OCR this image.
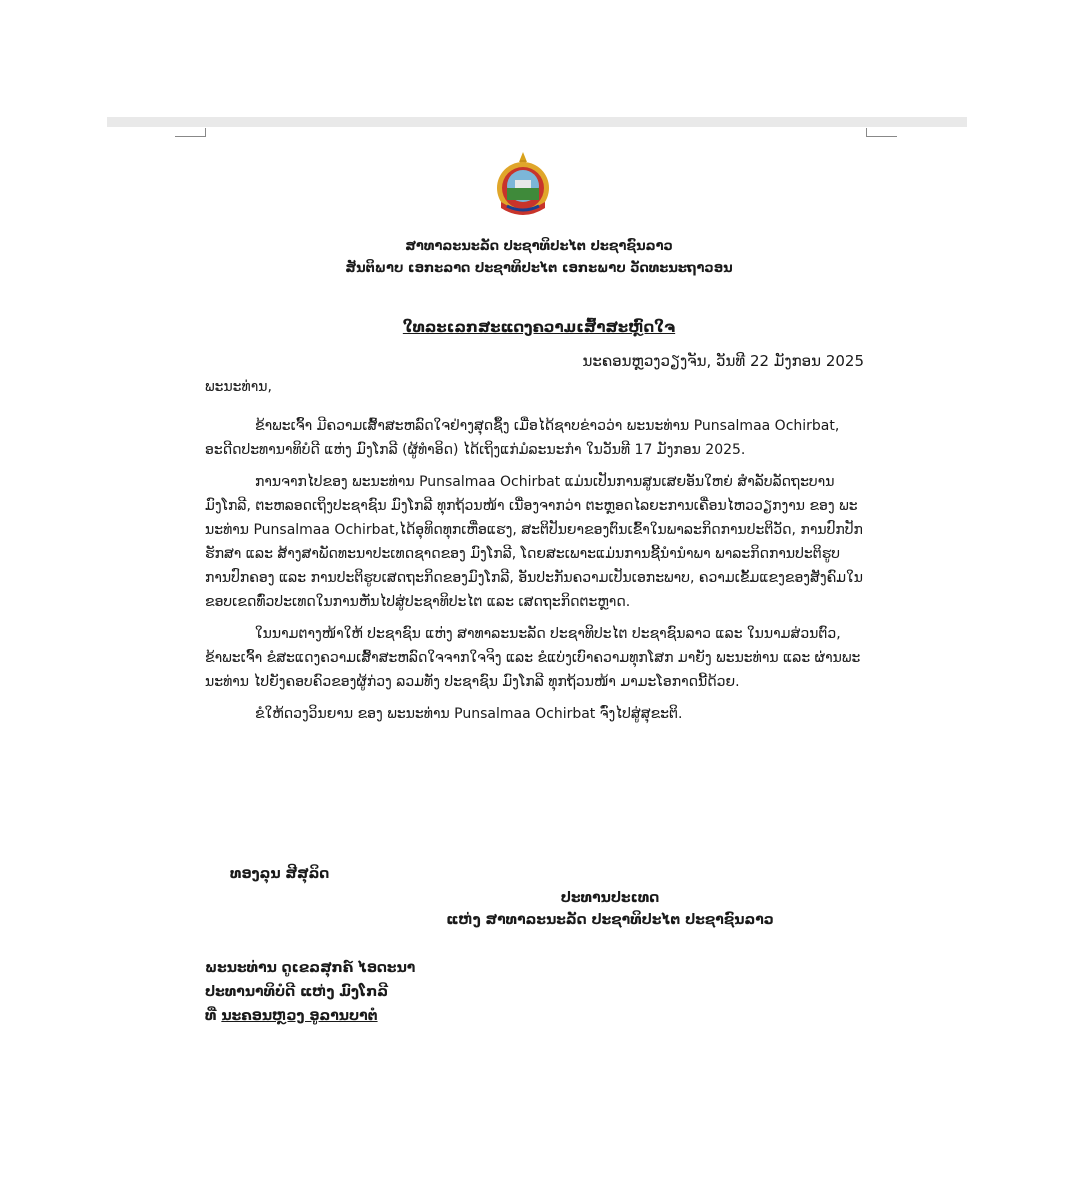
ສາທາລະນະລັດ ປະຊາທິປະໄຕ ປະຊາຊົນລາວ
ສັນຕິພາບ ເອກະລາດ ປະຊາທິປະໄຕ ເອກະພາບ ວັດທະນະຖາວອນ
ໃທລະເລກສະແດງຄວາມເສົ້າສະຫຼົດໃຈ
ນະຄອນຫຼວງວຽງຈັນ, ວັນທີ 22 ມັງກອນ 2025
ພະນະທ່ານ,

ຂ້າພະເຈົ້າ ມີຄວາມເສົ້າສະຫລົດໃຈຢ່າງສຸດຊຶ້ງ ເມື່ອໄດ້ຊາບຂ່າວວ່າ ພະນະທ່ານ Punsalmaa Ochirbat, ອະດີດປະທານາທິບໍດີ ແຫ່ງ ມົງໂກລີ (ຜູ້ທໍາອິດ) ໄດ້ເຖິງແກ່ມໍລະນະກໍາ ໃນວັນທີ 17 ມັງກອນ 2025.

ການຈາກໄປຂອງ ພະນະທ່ານ Punsalmaa Ochirbat ແມ່ນເປັນການສູນເສຍອັນໃຫຍ່ ສໍາລັບລັດຖະບານມົງໂກລີ, ຕະຫລອດເຖິງປະຊາຊົນ ມົງໂກລີ ທຸກຖ້ວນໜ້າ ເນື່ອງຈາກວ່າ ຕະຫຼອດໄລຍະການເຄື່ອນໄຫວວຽກງານ ຂອງ ພະນະທ່ານ Punsalmaa Ochirbat,ໄດ້ອຸທິດທຸກເຫື່ອແຮງ, ສະຕິປັນຍາຂອງຕົນເຂົ້າໃນພາລະກິດການປະຕິວັດ, ການປົກປັກຮັກສາ ແລະ ສ້າງສາພັດທະນາປະເທດຊາດຂອງ ມົງໂກລີ, ໂດຍສະເພາະແມ່ນການຊີ້ນໍານໍາພາ ພາລະກິດການປະຕິຮູບການປົກຄອງ ແລະ ການປະຕິຮູບເສດຖະກິດຂອງມົງໂກລີ, ອັນປະກັນຄວາມເປັນເອກະພາບ, ຄວາມເຂັ້ມແຂງຂອງສັງຄົມໃນຂອບເຂດທົ່ວປະເທດໃນການຫັນໄປສູ່ປະຊາທິປະໄຕ ແລະ ເສດຖະກິດຕະຫຼາດ.

ໃນນາມຕາງໜ້າໃຫ້ ປະຊາຊົນ ແຫ່ງ ສາທາລະນະລັດ ປະຊາທິປະໄຕ ປະຊາຊົນລາວ ແລະ ໃນນາມສ່ວນຕົວ, ຂ້າພະເຈົ້າ ຂໍສະແດງຄວາມເສົ້າສະຫລົດໃຈຈາກໃຈຈິງ ແລະ ຂໍແບ່ງເບົາຄວາມທຸກໂສກ ມາຍັງ ພະນະທ່ານ ແລະ ຜ່ານພະນະທ່ານ ໄປຍັງຄອບຄົວຂອງຜູ້ກ່ວງ ລວມທັງ ປະຊາຊົນ ມົງໂກລີ ທຸກຖ້ວນໜ້າ ມາມະໂອກາດນີ້ດ້ວຍ.

ຂໍໃຫ້ດວງວິນຍານ ຂອງ ພະນະທ່ານ Punsalmaa Ochirbat ຈົ່ງໄປສູ່ສຸຂະຕິ.

ທອງລຸນ ສີສຸລິດ
ປະທານປະເທດ
ແຫ່ງ ສາທາລະນະລັດ ປະຊາທິປະໄຕ ປະຊາຊົນລາວ
ພະນະທ່ານ ດູເຂລສຸກຄ໌ ໄອດະນາ
ປະທານາທິບໍດີ ແຫ່ງ ມົງໂກລີ
ທີ່ ນະຄອນຫຼວງ ອູລານບາຕໍ
